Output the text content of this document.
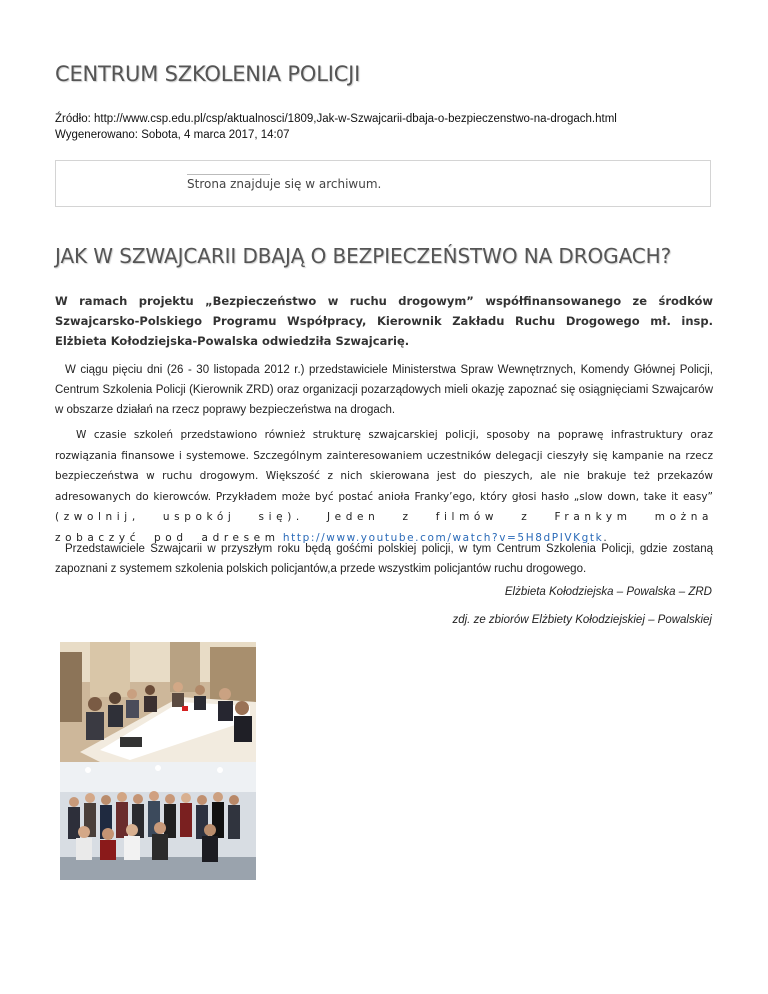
CENTRUM SZKOLENIA POLICJI
Źródło: http://www.csp.edu.pl/csp/aktualnosci/1809,Jak-w-Szwajcarii-dbaja-o-bezpieczenstwo-na-drogach.html
Wygenerowano: Sobota, 4 marca 2017, 14:07
Strona znajduje się w archiwum.
JAK W SZWAJCARII DBAJĄ O BEZPIECZEŃSTWO NA DROGACH?
W ramach projektu „Bezpieczeństwo w ruchu drogowym” współfinansowanego ze środków Szwajcarsko-Polskiego Programu Współpracy, Kierownik Zakładu Ruchu Drogowego mł. insp. Elżbieta Kołodziejska-Powalska odwiedziła Szwajcarię.
W ciągu pięciu dni (26 - 30 listopada 2012 r.) przedstawiciele Ministerstwa Spraw Wewnętrznych, Komendy Głównej Policji, Centrum Szkolenia Policji (Kierownik ZRD) oraz organizacji pozarządowych mieli okazję zapoznać się osiągnięciami Szwajcarów w obszarze działań na rzecz poprawy bezpieczeństwa na drogach.
W czasie szkoleń przedstawiono również strukturę szwajcarskiej policji, sposoby na poprawę infrastruktury oraz rozwiązania finansowe i systemowe. Szczególnym zainteresowaniem uczestników delegacji cieszyły się kampanie na rzecz bezpieczeństwa w ruchu drogowym. Większość z nich skierowana jest do pieszych, ale nie brakuje też przekazów adresowanych do kierowców. Przykładem może być postać anioła Franky’ego, który głosi hasło „slow down, take it easy” (zwolnij, uspokój się). Jeden z filmów z Frankym można zobaczyć pod adresem http://www.youtube.com/watch?v=5H8dPIVKgtk.
Przedstawiciele Szwajcarii w przyszłym roku będą gośćmi polskiej policji, w tym Centrum Szkolenia Policji, gdzie zostaną zapoznani z systemem szkolenia polskich policjantów,a przede wszystkim policjantów ruchu drogowego.
Elżbieta Kołodziejska – Powalska – ZRD
zdj. ze zbiorów Elżbiety Kołodziejskiej – Powalskiej
